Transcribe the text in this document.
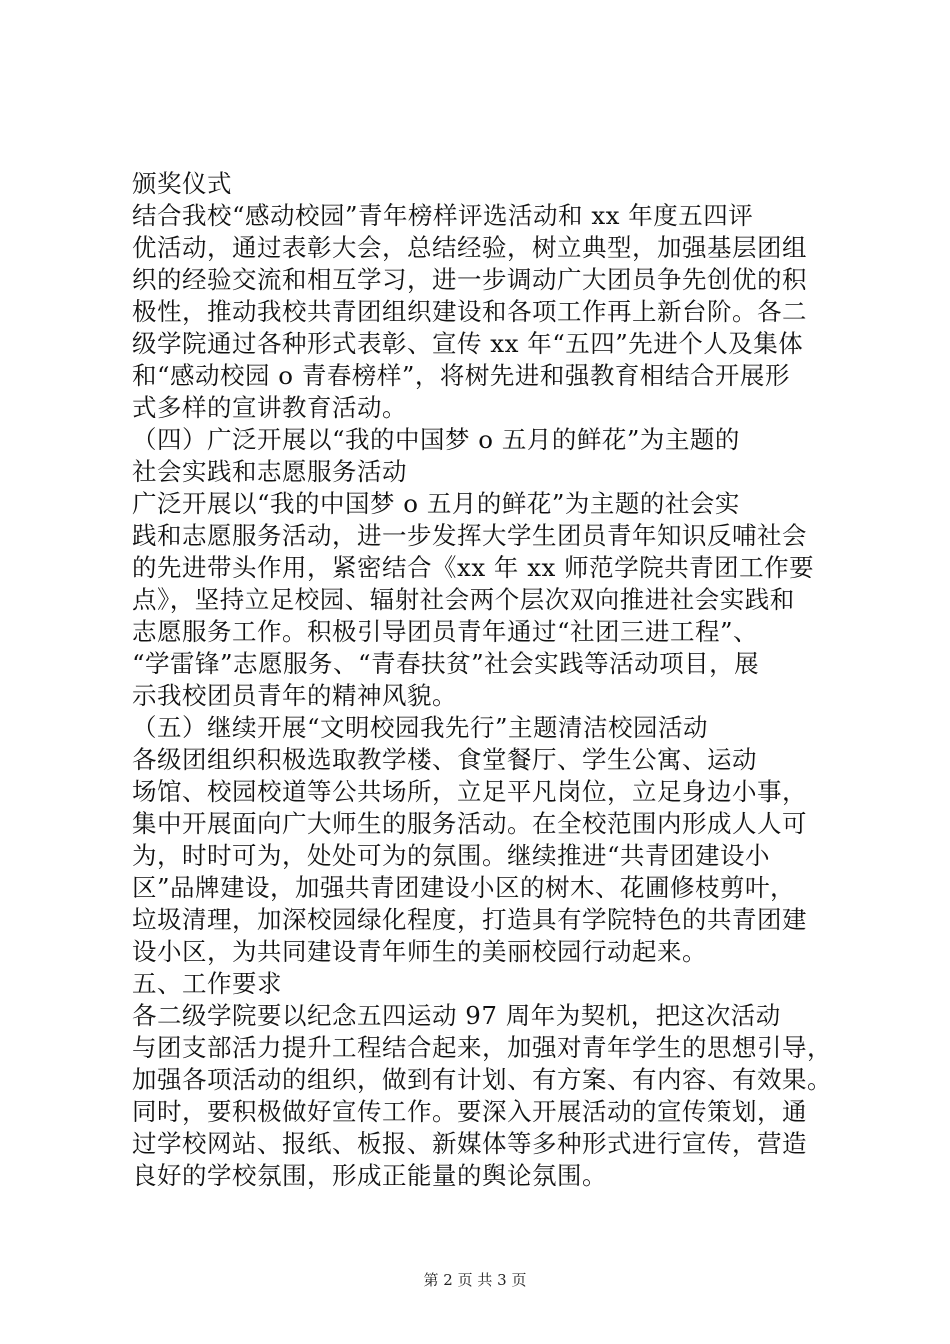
颁奖仪式
结合我校“感动校园”青年榜样评选活动和 xx 年度五四评
优活动，通过表彰大会，总结经验，树立典型，加强基层团组
织的经验交流和相互学习，进一步调动广大团员争先创优的积
极性，推动我校共青团组织建设和各项工作再上新台阶。各二
级学院通过各种形式表彰、宣传 xx 年“五四”先进个人及集体
和“感动校园 o 青春榜样”，将树先进和强教育相结合开展形
式多样的宣讲教育活动。
（四）广泛开展以“我的中国梦 o 五月的鲜花”为主题的
社会实践和志愿服务活动
广泛开展以“我的中国梦 o 五月的鲜花”为主题的社会实
践和志愿服务活动，进一步发挥大学生团员青年知识反哺社会
的先进带头作用，紧密结合《xx 年 xx 师范学院共青团工作要
点》，坚持立足校园、辐射社会两个层次双向推进社会实践和
志愿服务工作。积极引导团员青年通过“社团三进工程”、
“学雷锋”志愿服务、“青春扶贫”社会实践等活动项目，展
示我校团员青年的精神风貌。
（五）继续开展“文明校园我先行”主题清洁校园活动
各级团组织积极选取教学楼、食堂餐厅、学生公寓、运动
场馆、校园校道等公共场所，立足平凡岗位，立足身边小事，
集中开展面向广大师生的服务活动。在全校范围内形成人人可
为，时时可为，处处可为的氛围。继续推进“共青团建设小
区”品牌建设，加强共青团建设小区的树木、花圃修枝剪叶，
垃圾清理，加深校园绿化程度，打造具有学院特色的共青团建
设小区，为共同建设青年师生的美丽校园行动起来。
五、工作要求
各二级学院要以纪念五四运动 97 周年为契机，把这次活动
与团支部活力提升工程结合起来，加强对青年学生的思想引导，
加强各项活动的组织，做到有计划、有方案、有内容、有效果。
同时，要积极做好宣传工作。要深入开展活动的宣传策划，通
过学校网站、报纸、板报、新媒体等多种形式进行宣传，营造
良好的学校氛围，形成正能量的舆论氛围。
第 2 页 共 3 页
